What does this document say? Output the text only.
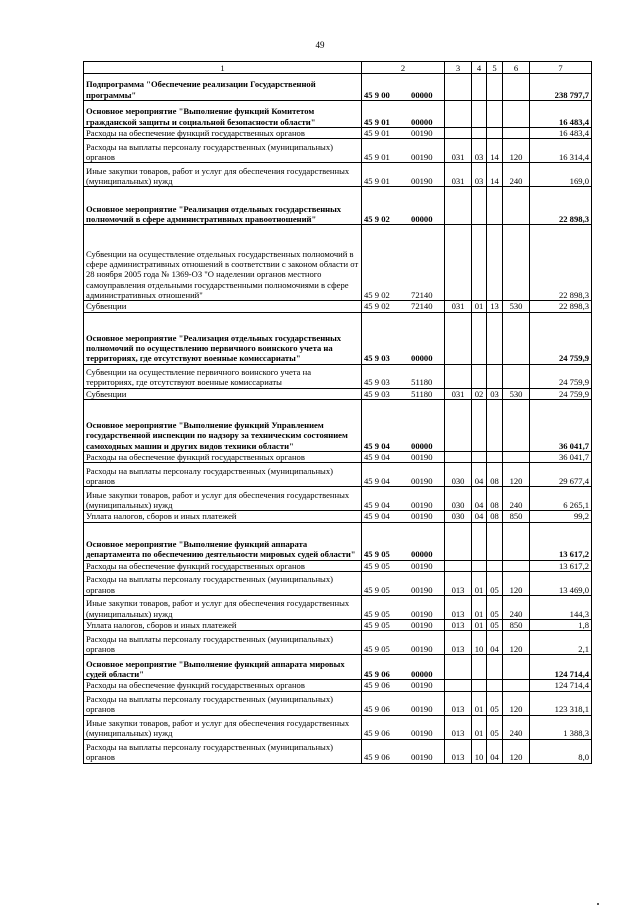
49
1	2		3	4	5	6	7
Подпрограмма "Обеспечение реализации Государственной программы"	45 9 00	00000					238 797,7
Основное мероприятие "Выполнение функций Комитетом гражданской защиты и социальной безопасности области"	45 9 01	00000					16 483,4
Расходы на обеспечение функций государственных органов	45 9 01	00190					16 483,4
Расходы на выплаты персоналу государственных (муниципальных) органов	45 9 01	00190	031	03	14	120	16 314,4
Иные закупки товаров, работ и услуг для обеспечения государственных (муниципальных) нужд	45 9 01	00190	031	03	14	240	169,0
Основное мероприятие "Реализация отдельных государственных полномочий в сфере административных правоотношений"	45 9 02	00000					22 898,3
Субвенции на осуществление отдельных государственных полномочий в сфере административных отношений в соответствии с законом области от 28 ноября 2005 года № 1369-ОЗ "О наделении органов местного самоуправления отдельными государственными полномочиями в сфере административных отношений"	45 9 02	72140					22 898,3
Субвенции	45 9 02	72140	031	01	13	530	22 898,3
Основное мероприятие "Реализация отдельных государственных полномочий по осуществлению первичного воинского учета на территориях, где отсутствуют военные комиссариаты"	45 9 03	00000					24 759,9
Субвенции на осуществление первичного воинского учета на территориях, где отсутствуют военные комиссариаты	45 9 03	51180					24 759,9
Субвенции	45 9 03	51180	031	02	03	530	24 759,9
Основное мероприятие "Выполнение функций Управлением государственной инспекции по надзору за техническим состоянием самоходных машин и других видов техники области"	45 9 04	00000					36 041,7
Расходы на обеспечение функций государственных органов	45 9 04	00190					36 041,7
Расходы на выплаты персоналу государственных (муниципальных) органов	45 9 04	00190	030	04	08	120	29 677,4
Иные закупки товаров, работ и услуг для обеспечения государственных (муниципальных) нужд	45 9 04	00190	030	04	08	240	6 265,1
Уплата налогов, сборов и иных платежей	45 9 04	00190	030	04	08	850	99,2
Основное мероприятие "Выполнение функций аппарата департамента по обеспечению деятельности мировых судей области"	45 9 05	00000					13 617,2
Расходы на обеспечение функций государственных органов	45 9 05	00190					13 617,2
Расходы на выплаты персоналу государственных (муниципальных) органов	45 9 05	00190	013	01	05	120	13 469,0
Иные закупки товаров, работ и услуг для обеспечения государственных (муниципальных) нужд	45 9 05	00190	013	01	05	240	144,3
Уплата налогов, сборов и иных платежей	45 9 05	00190	013	01	05	850	1,8
Расходы на выплаты персоналу государственных (муниципальных) органов	45 9 05	00190	013	10	04	120	2,1
Основное мероприятие "Выполнение функций аппарата мировых судей области"	45 9 06	00000					124 714,4
Расходы на обеспечение функций государственных органов	45 9 06	00190					124 714,4
Расходы на выплаты персоналу государственных (муниципальных) органов	45 9 06	00190	013	01	05	120	123 318,1
Иные закупки товаров, работ и услуг для обеспечения государственных (муниципальных) нужд	45 9 06	00190	013	01	05	240	1 388,3
Расходы на выплаты персоналу государственных (муниципальных) органов	45 9 06	00190	013	10	04	120	8,0
